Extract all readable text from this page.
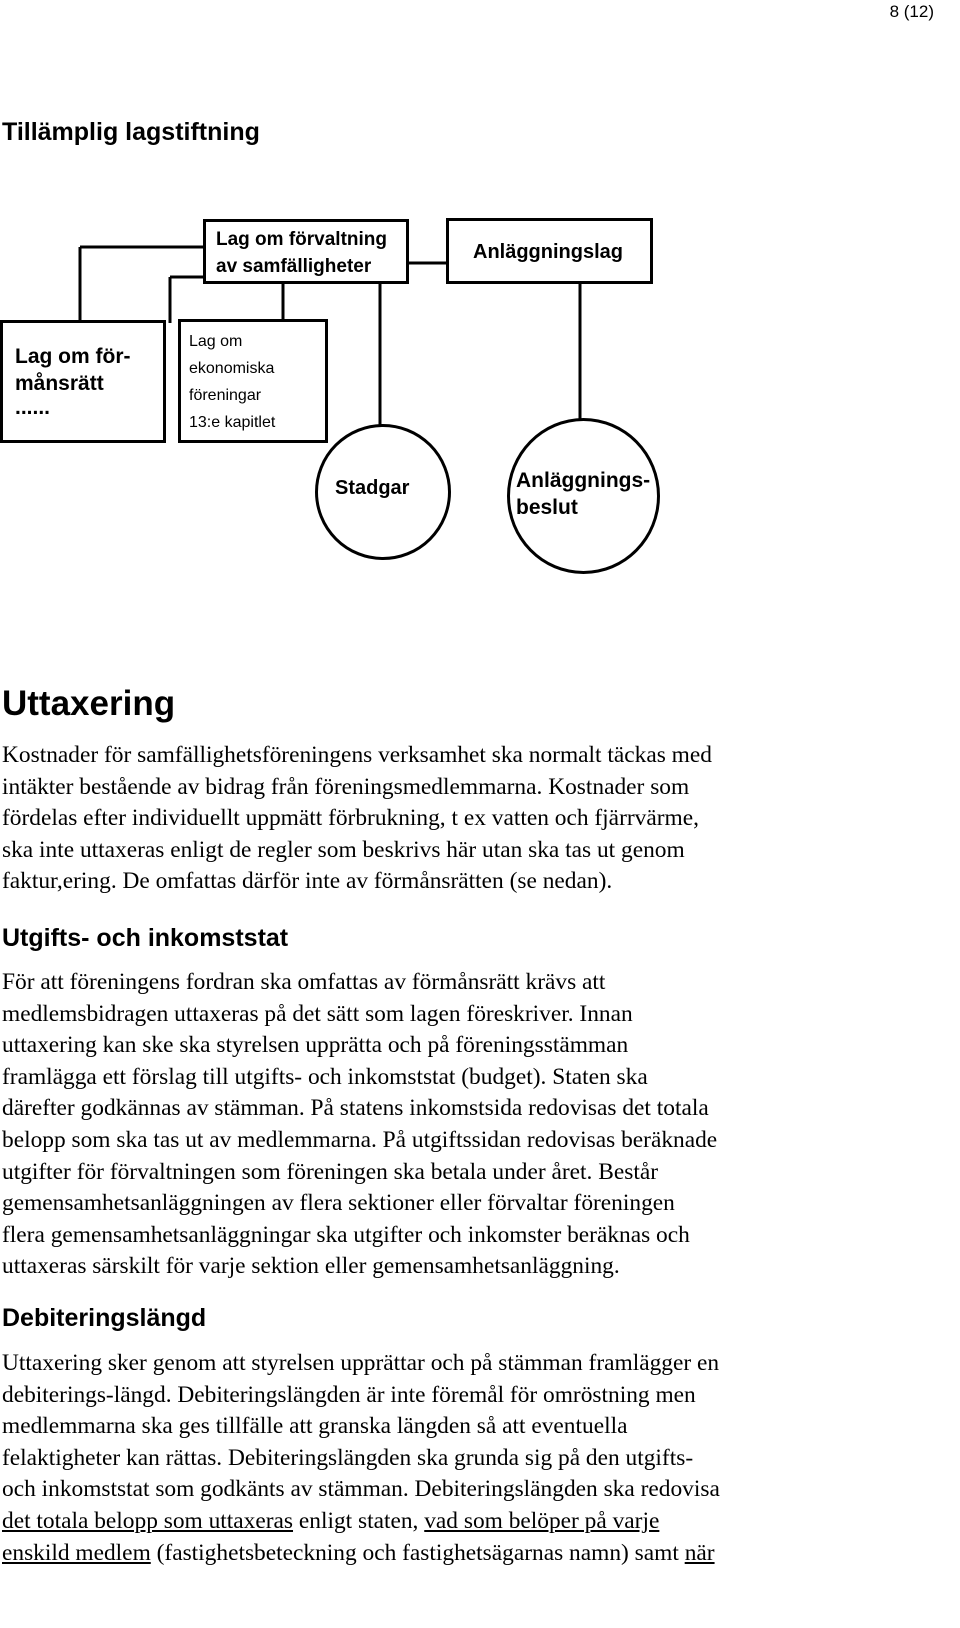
8 (12)
Tillämplig lagstiftning
Lag om förvaltning
av samfälligheter
Anläggningslag
Lag om för-
månsrätt
......
Lag om
ekonomiska
föreningar
13:e kapitlet
Stadgar	Anläggnings-
beslut
Uttaxering
Kostnader för samfällighetsföreningens verksamhet ska normalt täckas med
intäkter bestående av bidrag från föreningsmedlemmarna. Kostnader som
fördelas efter individuellt uppmätt förbrukning, t ex vatten och fjärrvärme,
ska inte uttaxeras enligt de regler som beskrivs här utan ska tas ut genom
faktur,ering. De omfattas därför inte av förmånsrätten (se nedan).
Utgifts- och inkomststat
För att föreningens fordran ska omfattas av förmånsrätt krävs att
medlemsbidragen uttaxeras på det sätt som lagen föreskriver. Innan
uttaxering kan ske ska styrelsen upprätta och på föreningsstämman
framlägga ett förslag till utgifts- och inkomststat (budget). Staten ska
därefter godkännas av stämman. På statens inkomstsida redovisas det totala
belopp som ska tas ut av medlemmarna. På utgiftssidan redovisas beräknade
utgifter för förvaltningen som föreningen ska betala under året. Består
gemensamhetsanläggningen av flera sektioner eller förvaltar föreningen
flera gemensamhetsanläggningar ska utgifter och inkomster beräknas och
uttaxeras särskilt för varje sektion eller gemensamhetsanläggning.
Debiteringslängd
Uttaxering sker genom att styrelsen upprättar och på stämman framlägger en
debiterings-längd. Debiteringslängden är inte föremål för omröstning men
medlemmarna ska ges tillfälle att granska längden så att eventuella
felaktigheter kan rättas. Debiteringslängden ska grunda sig på den utgifts-
och inkomststat som godkänts av stämman. Debiteringslängden ska redovisa
det totala belopp som uttaxeras enligt staten, vad som belöper på varje
enskild medlem (fastighetsbeteckning och fastighetsägarnas namn) samt när
